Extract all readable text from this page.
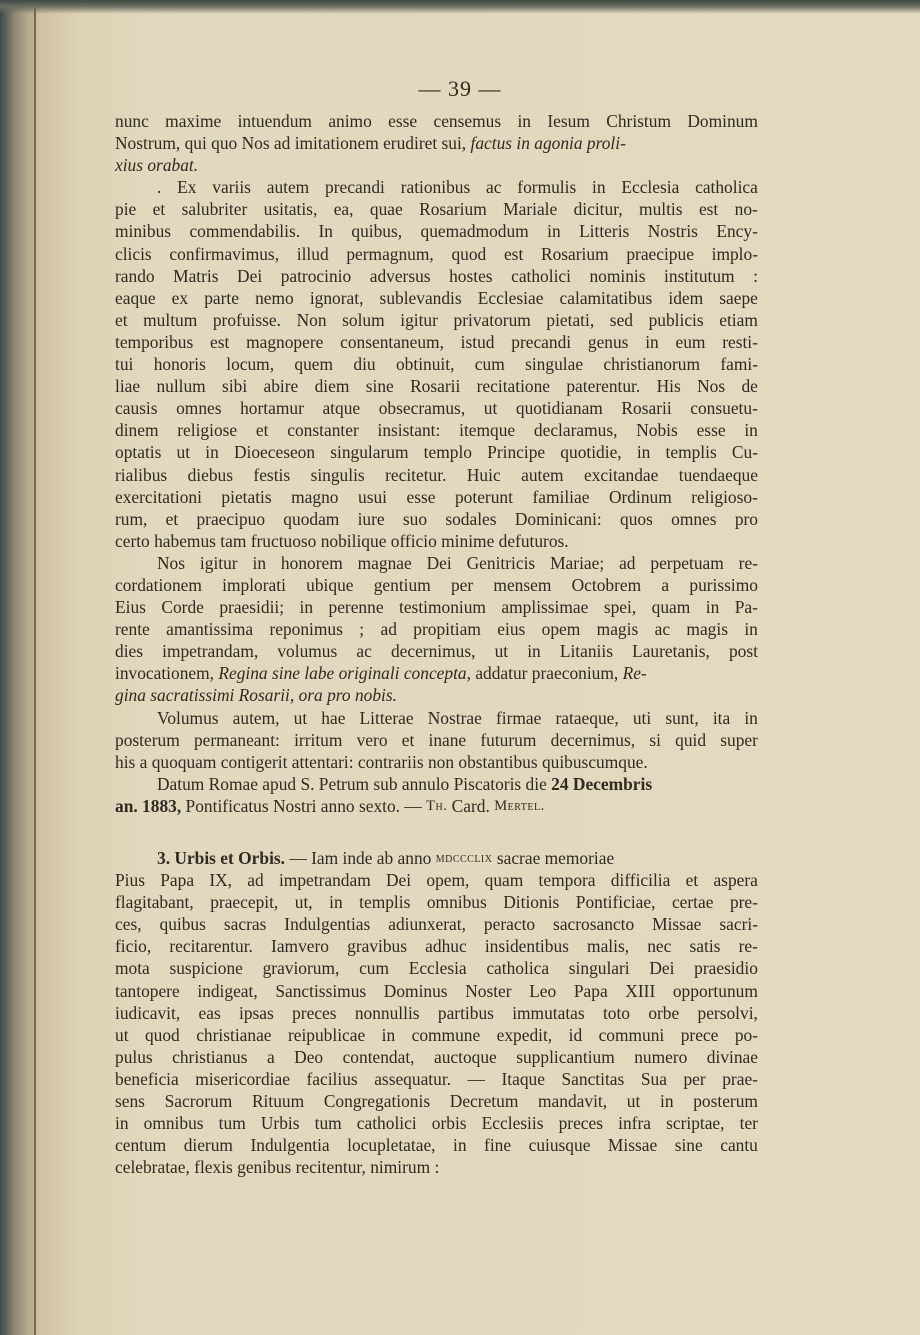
— 39 —
nunc maxime intuendum animo esse censemus in Iesum Christum Dominum
Nostrum, qui quo Nos ad imitationem erudiret sui, factus in agonia proli-
xius orabat.
. Ex variis autem precandi rationibus ac formulis in Ecclesia catholica
pie et salubriter usitatis, ea, quae Rosarium Mariale dicitur, multis est no-
minibus commendabilis. In quibus, quemadmodum in Litteris Nostris Ency-
clicis confirmavimus, illud permagnum, quod est Rosarium praecipue implo-
rando Matris Dei patrocinio adversus hostes catholici nominis institutum :
eaque ex parte nemo ignorat, sublevandis Ecclesiae calamitatibus idem saepe
et multum profuisse. Non solum igitur privatorum pietati, sed publicis etiam
temporibus est magnopere consentaneum, istud precandi genus in eum resti-
tui honoris locum, quem diu obtinuit, cum singulae christianorum fami-
liae nullum sibi abire diem sine Rosarii recitatione paterentur. His Nos de
causis omnes hortamur atque obsecramus, ut quotidianam Rosarii consuetu-
dinem religiose et constanter insistant: itemque declaramus, Nobis esse in
optatis ut in Dioeceseon singularum templo Principe quotidie, in templis Cu-
rialibus diebus festis singulis recitetur. Huic autem excitandae tuendaeque
exercitationi pietatis magno usui esse poterunt familiae Ordinum religioso-
rum, et praecipuo quodam iure suo sodales Dominicani: quos omnes pro
certo habemus tam fructuoso nobilique officio minime defuturos.
Nos igitur in honorem magnae Dei Genitricis Mariae; ad perpetuam re-
cordationem implorati ubique gentium per mensem Octobrem a purissimo
Eius Corde praesidii; in perenne testimonium amplissimae spei, quam in Pa-
rente amantissima reponimus ; ad propitiam eius opem magis ac magis in
dies impetrandam, volumus ac decernimus, ut in Litaniis Lauretanis, post
invocationem, Regina sine labe originali concepta, addatur praeconium, Re-
gina sacratissimi Rosarii, ora pro nobis.
Volumus autem, ut hae Litterae Nostrae firmae rataeque, uti sunt, ita in
posterum permaneant: irritum vero et inane futurum decernimus, si quid super
his a quoquam contigerit attentari: contrariis non obstantibus quibuscumque.
Datum Romae apud S. Petrum sub annulo Piscatoris die 24 Decembris
an. 1883, Pontificatus Nostri anno sexto. — Th. Card. Mertel.
3. Urbis et Orbis. — Iam inde ab anno mdccclix sacrae memoriae
Pius Papa IX, ad impetrandam Dei opem, quam tempora difficilia et aspera
flagitabant, praecepit, ut, in templis omnibus Ditionis Pontificiae, certae pre-
ces, quibus sacras Indulgentias adiunxerat, peracto sacrosancto Missae sacri-
ficio, recitarentur. Iamvero gravibus adhuc insidentibus malis, nec satis re-
mota suspicione graviorum, cum Ecclesia catholica singulari Dei praesidio
tantopere indigeat, Sanctissimus Dominus Noster Leo Papa XIII opportunum
iudicavit, eas ipsas preces nonnullis partibus immutatas toto orbe persolvi,
ut quod christianae reipublicae in commune expedit, id communi prece po-
pulus christianus a Deo contendat, auctoque supplicantium numero divinae
beneficia misericordiae facilius assequatur. — Itaque Sanctitas Sua per prae-
sens Sacrorum Rituum Congregationis Decretum mandavit, ut in posterum
in omnibus tum Urbis tum catholici orbis Ecclesiis preces infra scriptae, ter
centum dierum Indulgentia locupletatae, in fine cuiusque Missae sine cantu
celebratae, flexis genibus recitentur, nimirum :
